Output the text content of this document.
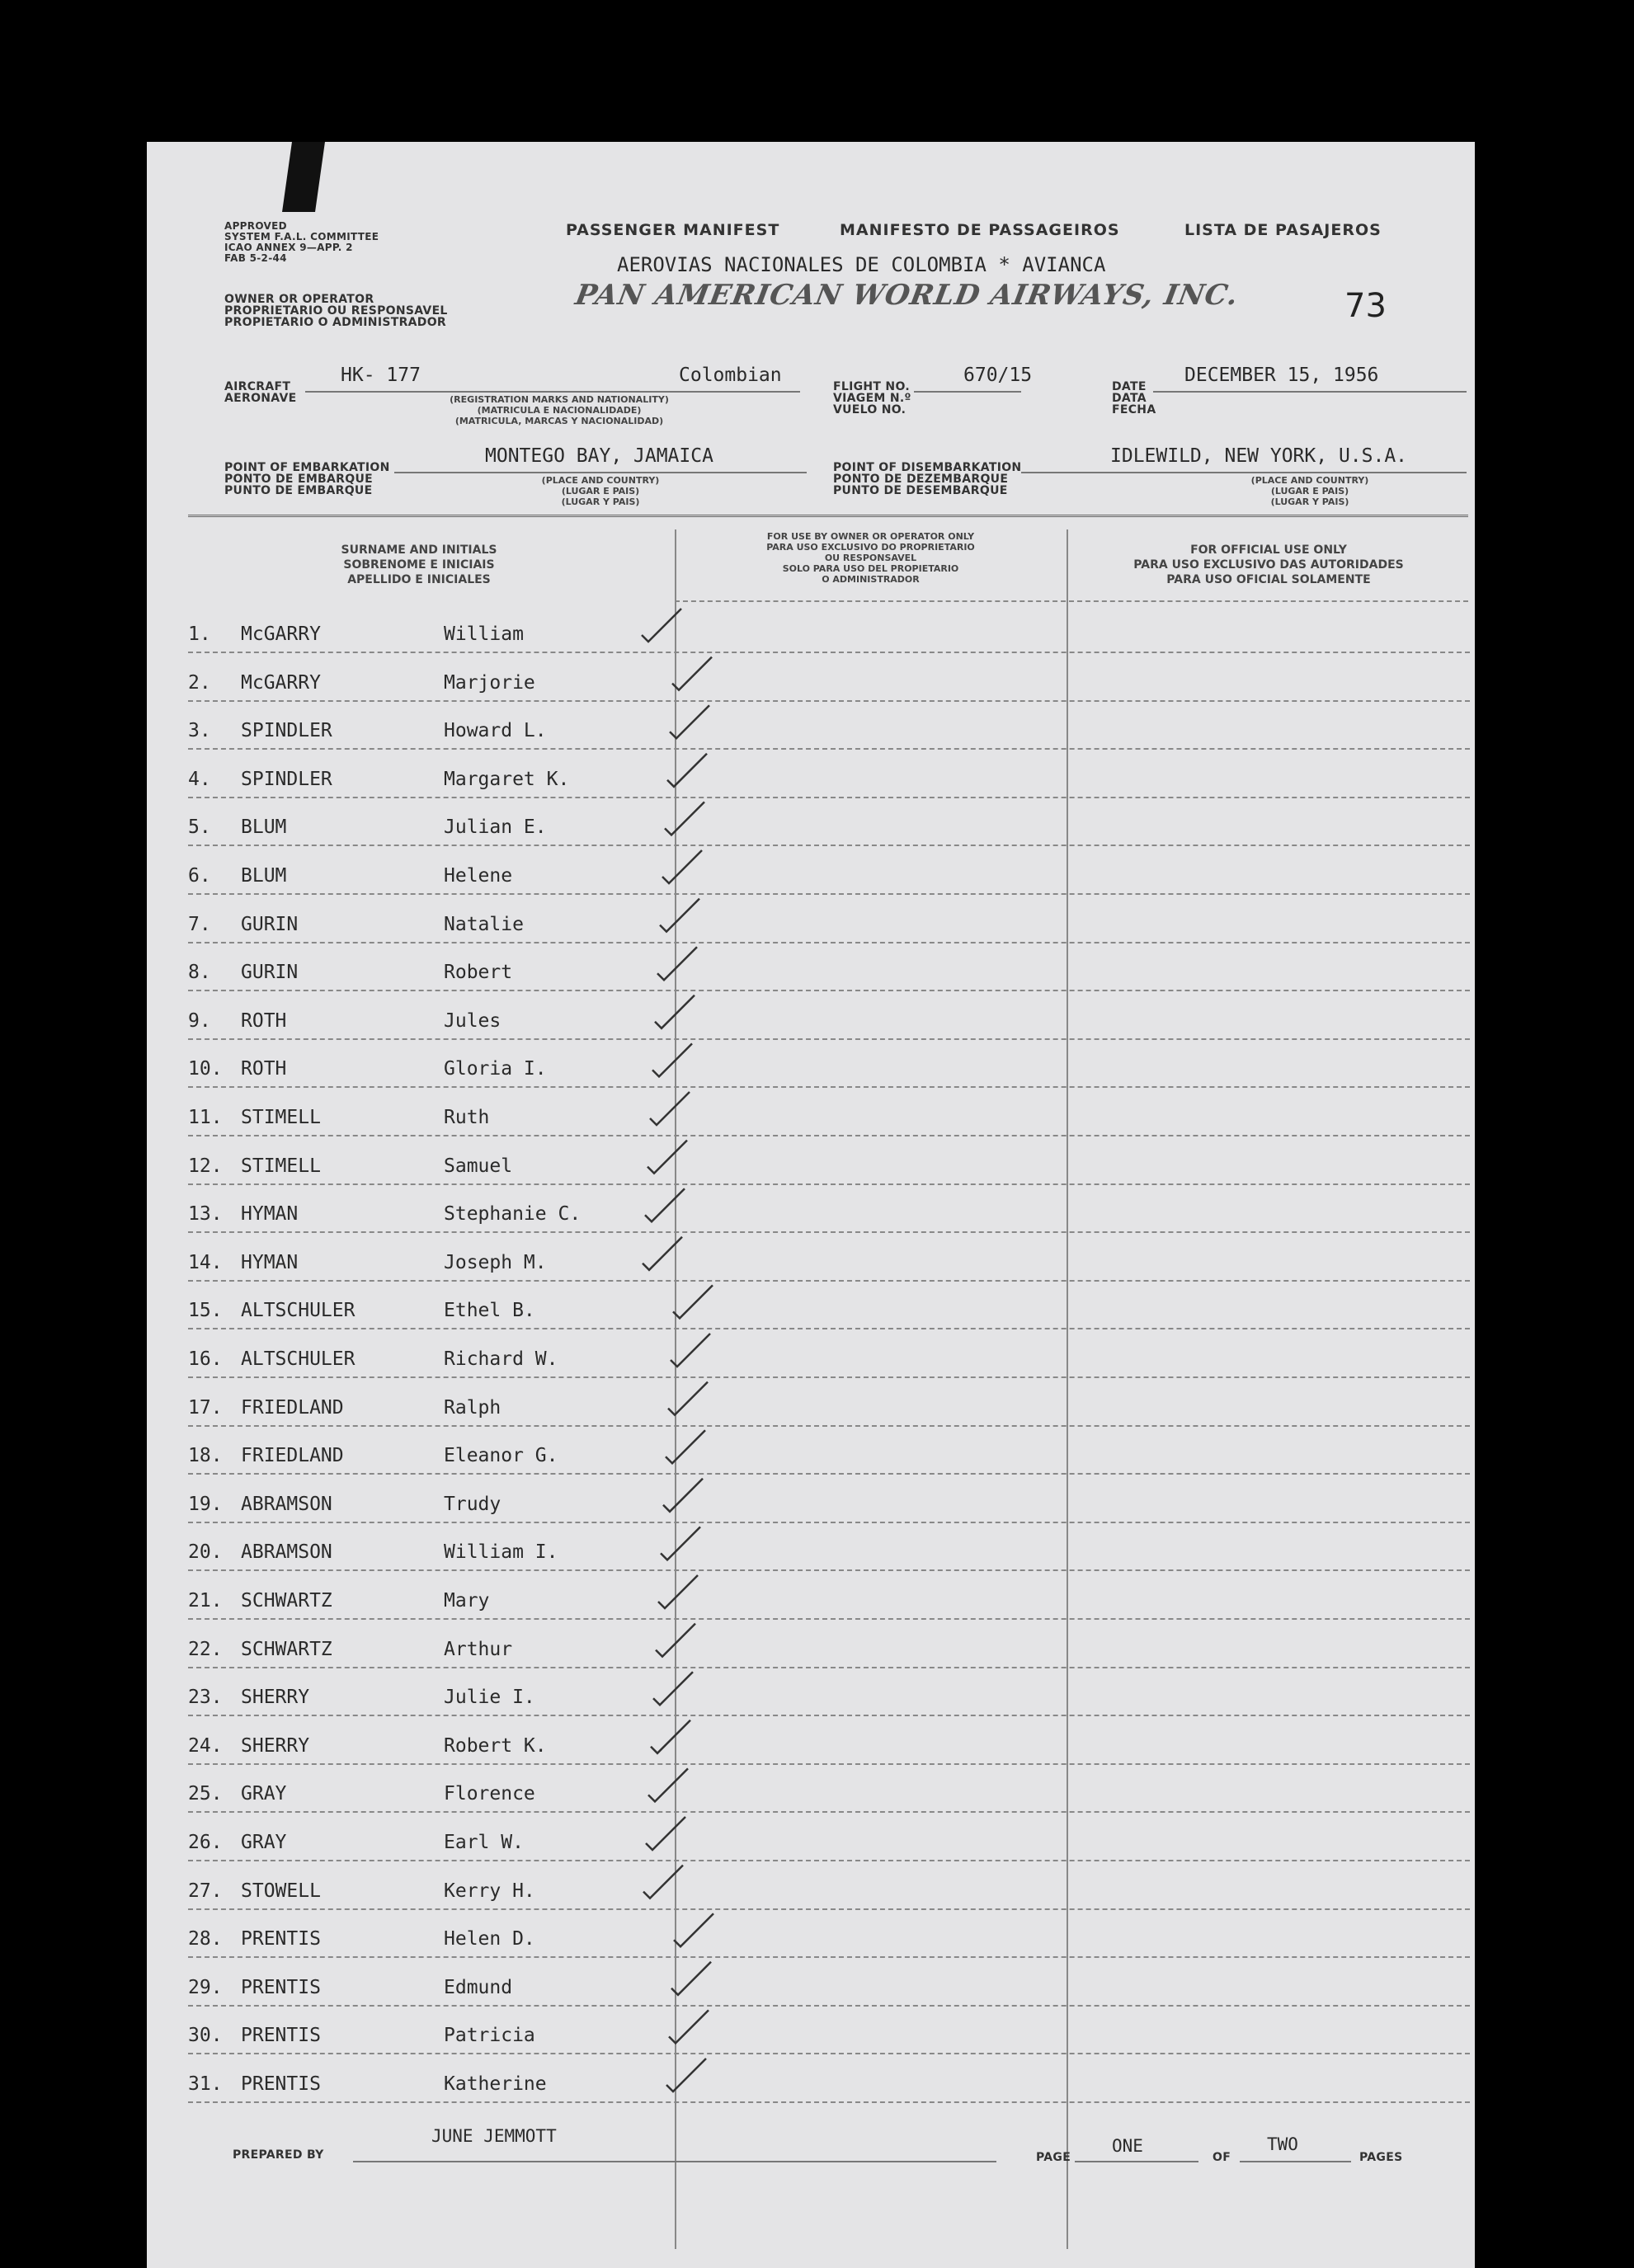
APPROVED
SYSTEM F.A.L. COMMITTEE
ICAO ANNEX 9—APP. 2
FAB 5-2-44
OWNER OR OPERATOR
PROPRIETARIO OU RESPONSAVEL
PROPIETARIO O ADMINISTRADOR
PASSENGER MANIFEST	MANIFESTO DE PASSAGEIROS	LISTA DE PASAJEROS
AEROVIAS NACIONALES DE COLOMBIA * AVIANCA
PAN AMERICAN WORLD AIRWAYS, INC.	73
AIRCRAFT
AERONAVE
HK- 177	Colombian
(REGISTRATION MARKS AND NATIONALITY)
(MATRICULA E NACIONALIDADE)
(MATRICULA, MARCAS Y NACIONALIDAD)
FLIGHT NO.
VIAGEM N.º
VUELO NO.
670/15
DATE
DATA
FECHA
DECEMBER 15, 1956
POINT OF EMBARKATION
PONTO DE EMBARQUE
PUNTO DE EMBARQUE
MONTEGO BAY, JAMAICA
(PLACE AND COUNTRY)
(LUGAR E PAIS)
(LUGAR Y PAIS)
POINT OF DISEMBARKATION
PONTO DE DEZEMBARQUE
PUNTO DE DESEMBARQUE
IDLEWILD, NEW YORK, U.S.A.
(PLACE AND COUNTRY)
(LUGAR E PAIS)
(LUGAR Y PAIS)
SURNAME AND INITIALS
SOBRENOME E INICIAIS
APELLIDO E INICIALES
FOR USE BY OWNER OR OPERATOR ONLY
PARA USO EXCLUSIVO DO PROPRIETARIO
OU RESPONSAVEL
SOLO PARA USO DEL PROPIETARIO
O ADMINISTRADOR
FOR OFFICIAL USE ONLY
PARA USO EXCLUSIVO DAS AUTORIDADES
PARA USO OFICIAL SOLAMENTE
1. McGARRY	William
2. McGARRY	Marjorie
3. SPINDLER	Howard L.
4. SPINDLER	Margaret K.
5. BLUM	Julian E.
6. BLUM	Helene
7. GURIN	Natalie
8. GURIN	Robert
9. ROTH	Jules
10. ROTH	Gloria I.
11. STIMELL	Ruth
12. STIMELL	Samuel
13. HYMAN	Stephanie C.
14. HYMAN	Joseph M.
15. ALTSCHULER	Ethel B.
16. ALTSCHULER	Richard W.
17. FRIEDLAND	Ralph
18. FRIEDLAND	Eleanor G.
19. ABRAMSON	Trudy
20. ABRAMSON	William I.
21. SCHWARTZ	Mary
22. SCHWARTZ	Arthur
23. SHERRY	Julie I.
24. SHERRY	Robert K.
25. GRAY	Florence
26. GRAY	Earl W.
27. STOWELL	Kerry H.
28. PRENTIS	Helen D.
29. PRENTIS	Edmund
30. PRENTIS	Patricia
31. PRENTIS	Katherine
JUNE JEMMOTT
PREPARED BY	PAGE
ONE
OF
TWO
PAGES
